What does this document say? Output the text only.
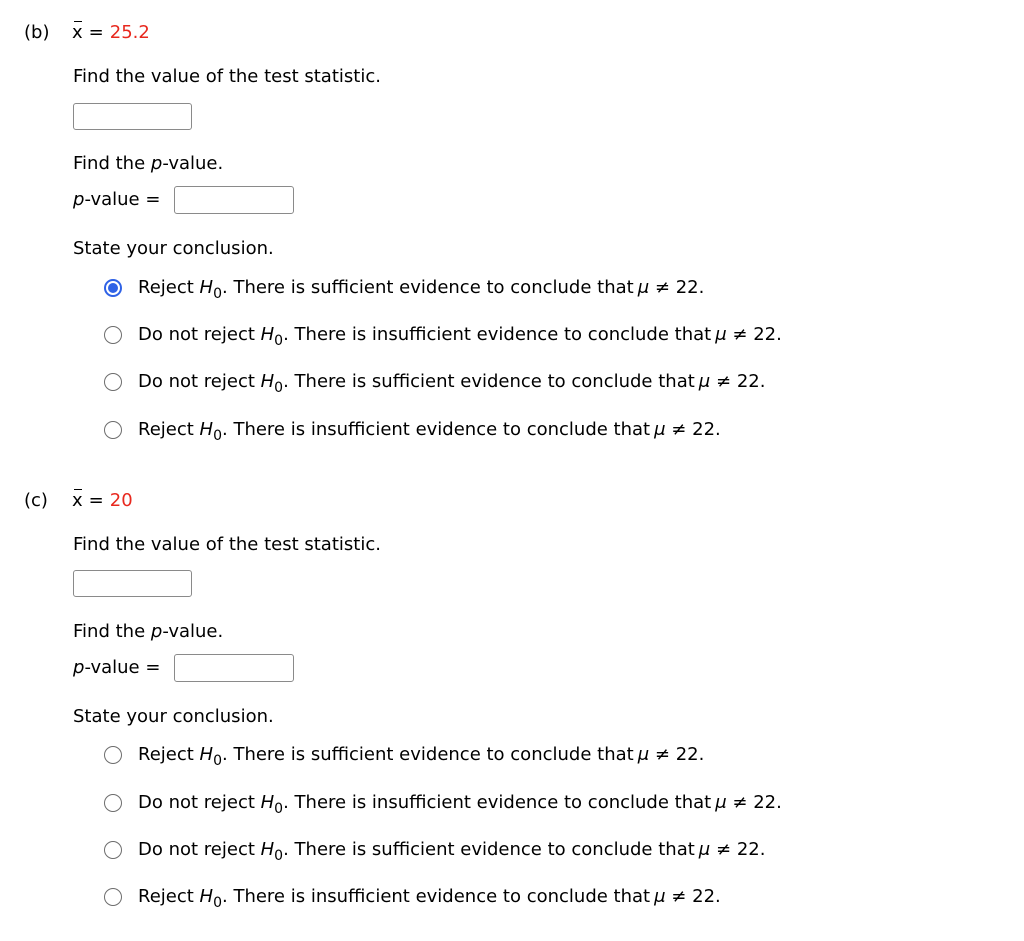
(b) x = 25.2
Find the value of the test statistic.
Find the p-value.
p-value =
State your conclusion.
Reject $H_0$. There is sufficient evidence to conclude that μ ≠ 22.
Do not reject $H_0$. There is insufficient evidence to conclude that μ ≠ 22.
Do not reject $H_0$. There is sufficient evidence to conclude that μ ≠ 22.
Reject $H_0$. There is insufficient evidence to conclude that μ ≠ 22.
(c) x = 20
Find the value of the test statistic.
Find the p-value.
p-value =
State your conclusion.
Reject $H_0$. There is sufficient evidence to conclude that μ ≠ 22.
Do not reject $H_0$. There is insufficient evidence to conclude that μ ≠ 22.
Do not reject $H_0$. There is sufficient evidence to conclude that μ ≠ 22.
Reject $H_0$. There is insufficient evidence to conclude that μ ≠ 22.
